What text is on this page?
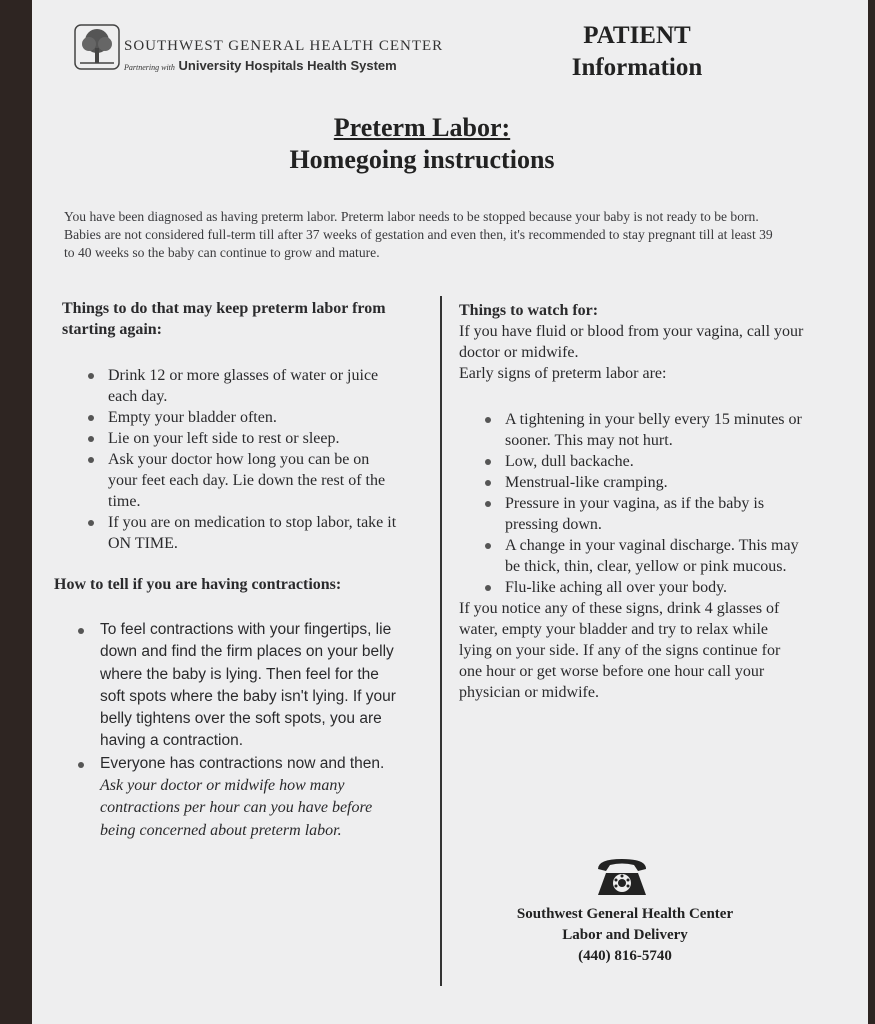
SOUTHWEST GENERAL HEALTH CENTER
Partnering with University Hospitals Health System
PATIENT
Information
Preterm Labor:
Homegoing instructions
You have been diagnosed as having preterm labor. Preterm labor needs to be stopped because your baby is not ready to be born. Babies are not considered full-term till after 37 weeks of gestation and even then, it's recommended to stay pregnant till at least 39 to 40 weeks so the baby can continue to grow and mature.
Things to do that may keep preterm labor from starting again:
Drink 12 or more glasses of water or juice each day.
Empty your bladder often.
Lie on your left side to rest or sleep.
Ask your doctor how long you can be on your feet each day. Lie down the rest of the time.
If you are on medication to stop labor, take it ON TIME.
How to tell if you are having contractions:
To feel contractions with your fingertips, lie down and find the firm places on your belly where the baby is lying. Then feel for the soft spots where the baby isn't lying. If your belly tightens over the soft spots, you are having a contraction.
Everyone has contractions now and then. Ask your doctor or midwife how many contractions per hour can you have before being concerned about preterm labor.
Things to watch for:

If you have fluid or blood from your vagina, call your doctor or midwife.

Early signs of preterm labor are:

A tightening in your belly every 15 minutes or sooner. This may not hurt.
Low, dull backache.
Menstrual-like cramping.
Pressure in your vagina, as if the baby is pressing down.
A change in your vaginal discharge. This may be thick, thin, clear, yellow or pink mucous.
Flu-like aching all over your body.

If you notice any of these signs, drink 4 glasses of water, empty your bladder and try to relax while lying on your side. If any of the signs continue for one hour or get worse before one hour call your physician or midwife.

Southwest General Health Center
Labor and Delivery
(440) 816-5740
